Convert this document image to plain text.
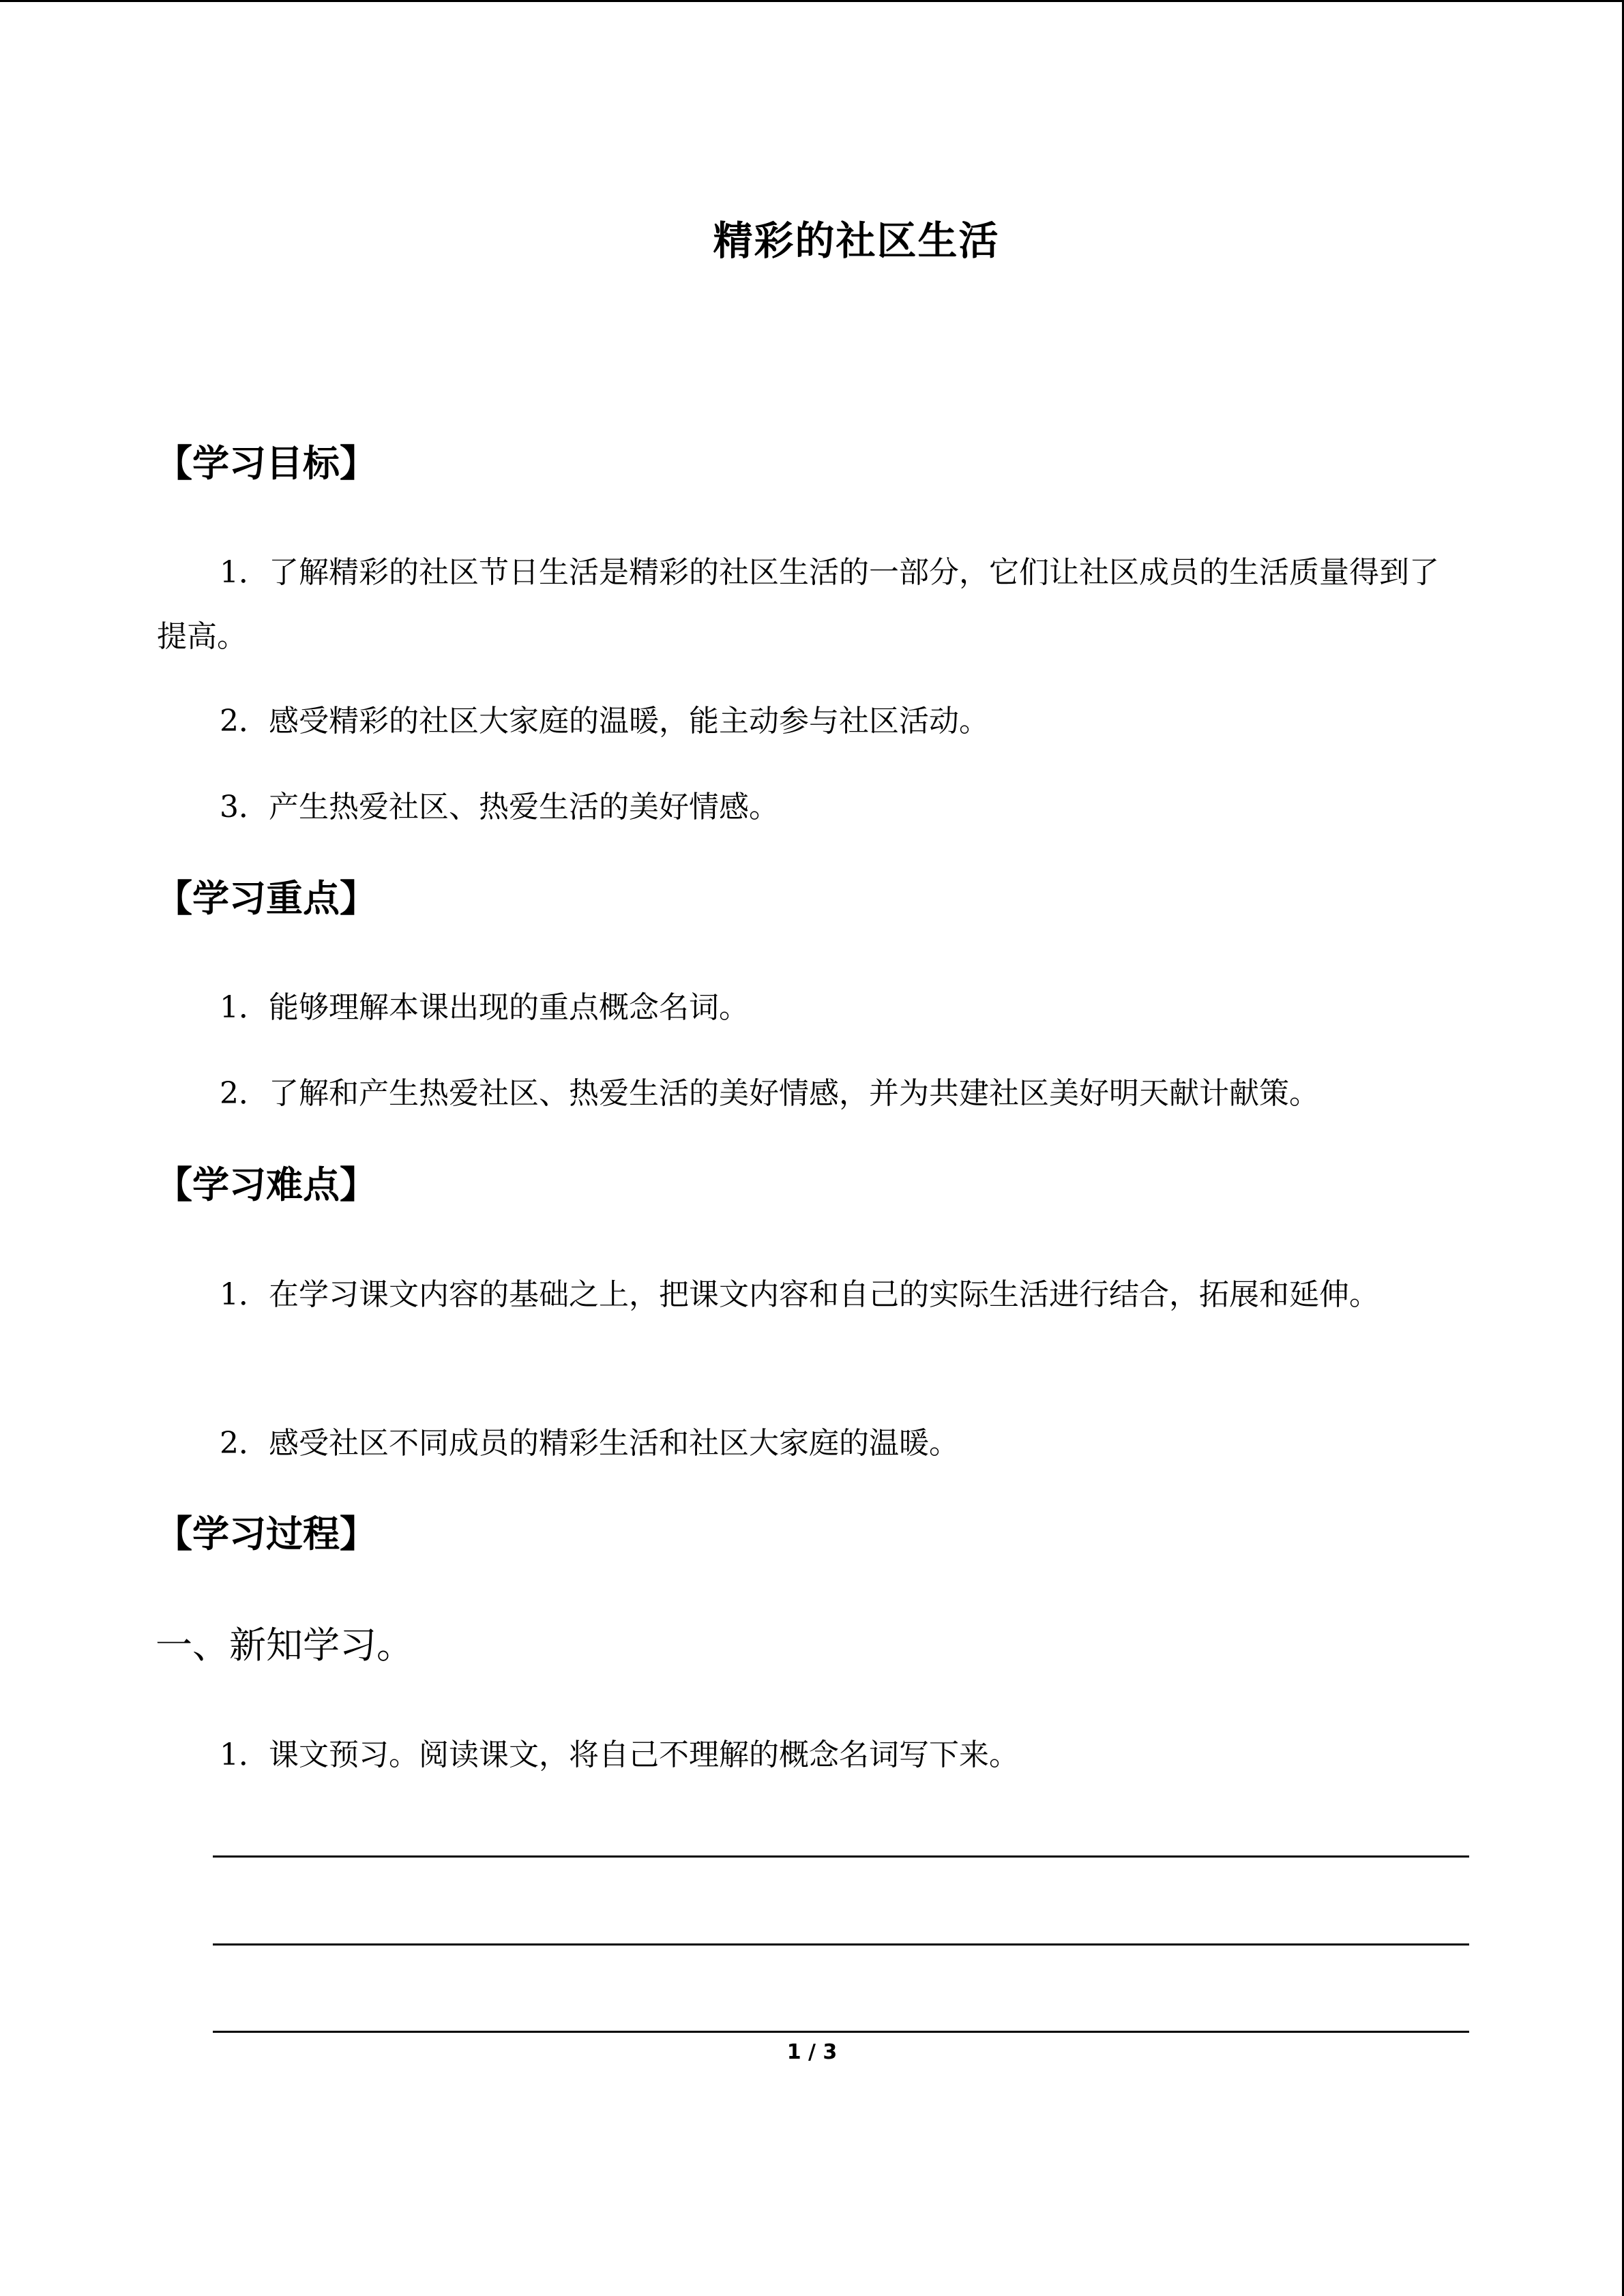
精彩的社区生活
【学习目标】
1．了解精彩的社区节日生活是精彩的社区生活的一部分，它们让社区成员的生活质量得到了提高。
2．感受精彩的社区大家庭的温暖，能主动参与社区活动。
3．产生热爱社区、热爱生活的美好情感。
【学习重点】
1．能够理解本课出现的重点概念名词。
2．了解和产生热爱社区、热爱生活的美好情感，并为共建社区美好明天献计献策。
【学习难点】
1．在学习课文内容的基础之上，把课文内容和自己的实际生活进行结合，拓展和延伸。
2．感受社区不同成员的精彩生活和社区大家庭的温暖。
【学习过程】
一、新知学习。
1．课文预习。阅读课文，将自己不理解的概念名词写下来。
1 / 3
